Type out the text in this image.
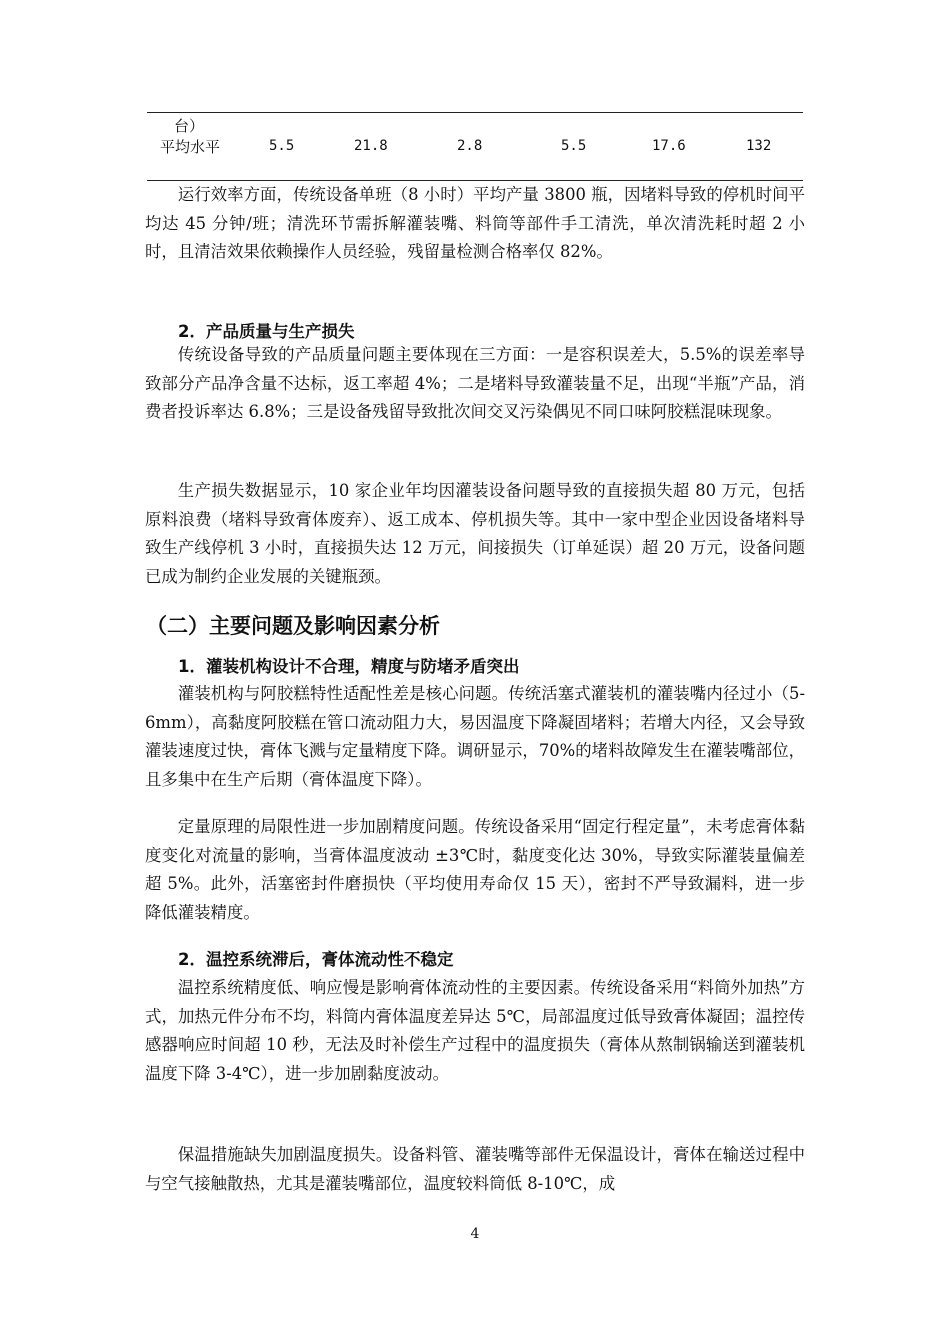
台）
平均水平	5.5	21.8	2.8	5.5	17.6	132

运行效率方面，传统设备单班（8 小时）平均产量 3800 瓶，因堵料导致的停机时间平均达 45 分钟/班；清洗环节需拆解灌装嘴、料筒等部件手工清洗，单次清洗耗时超 2 小时，且清洁效果依赖操作人员经验，残留量检测合格率仅 82%。

2．产品质量与生产损失

传统设备导致的产品质量问题主要体现在三方面：一是容积误差大，5.5%的误差率导致部分产品净含量不达标，返工率超 4%；二是堵料导致灌装量不足，出现“半瓶”产品，消费者投诉率达 6.8%；三是设备残留导致批次间交叉污染偶见不同口味阿胶糕混味现象。

生产损失数据显示，10 家企业年均因灌装设备问题导致的直接损失超 80 万元，包括原料浪费（堵料导致膏体废弃）、返工成本、停机损失等。其中一家中型企业因设备堵料导致生产线停机 3 小时，直接损失达 12 万元，间接损失（订单延误）超 20 万元，设备问题已成为制约企业发展的关键瓶颈。

（二）主要问题及影响因素分析

1．灌装机构设计不合理，精度与防堵矛盾突出

灌装机构与阿胶糕特性适配性差是核心问题。传统活塞式灌装机的灌装嘴内径过小（5-6mm），高黏度阿胶糕在管口流动阻力大，易因温度下降凝固堵料；若增大内径，又会导致灌装速度过快，膏体飞溅与定量精度下降。调研显示，70%的堵料故障发生在灌装嘴部位，且多集中在生产后期（膏体温度下降）。

定量原理的局限性进一步加剧精度问题。传统设备采用“固定行程定量”，未考虑膏体黏度变化对流量的影响，当膏体温度波动 ±3℃时，黏度变化达 30%，导致实际灌装量偏差超 5%。此外，活塞密封件磨损快（平均使用寿命仅 15 天），密封不严导致漏料，进一步降低灌装精度。

2．温控系统滞后，膏体流动性不稳定

温控系统精度低、响应慢是影响膏体流动性的主要因素。传统设备采用“料筒外加热”方式，加热元件分布不均，料筒内膏体温度差异达 5℃，局部温度过低导致膏体凝固；温控传感器响应时间超 10 秒，无法及时补偿生产过程中的温度损失（膏体从熬制锅输送到灌装机温度下降 3-4℃），进一步加剧黏度波动。

保温措施缺失加剧温度损失。设备料管、灌装嘴等部件无保温设计，膏体在输送过程中与空气接触散热，尤其是灌装嘴部位，温度较料筒低 8-10℃，成

4
